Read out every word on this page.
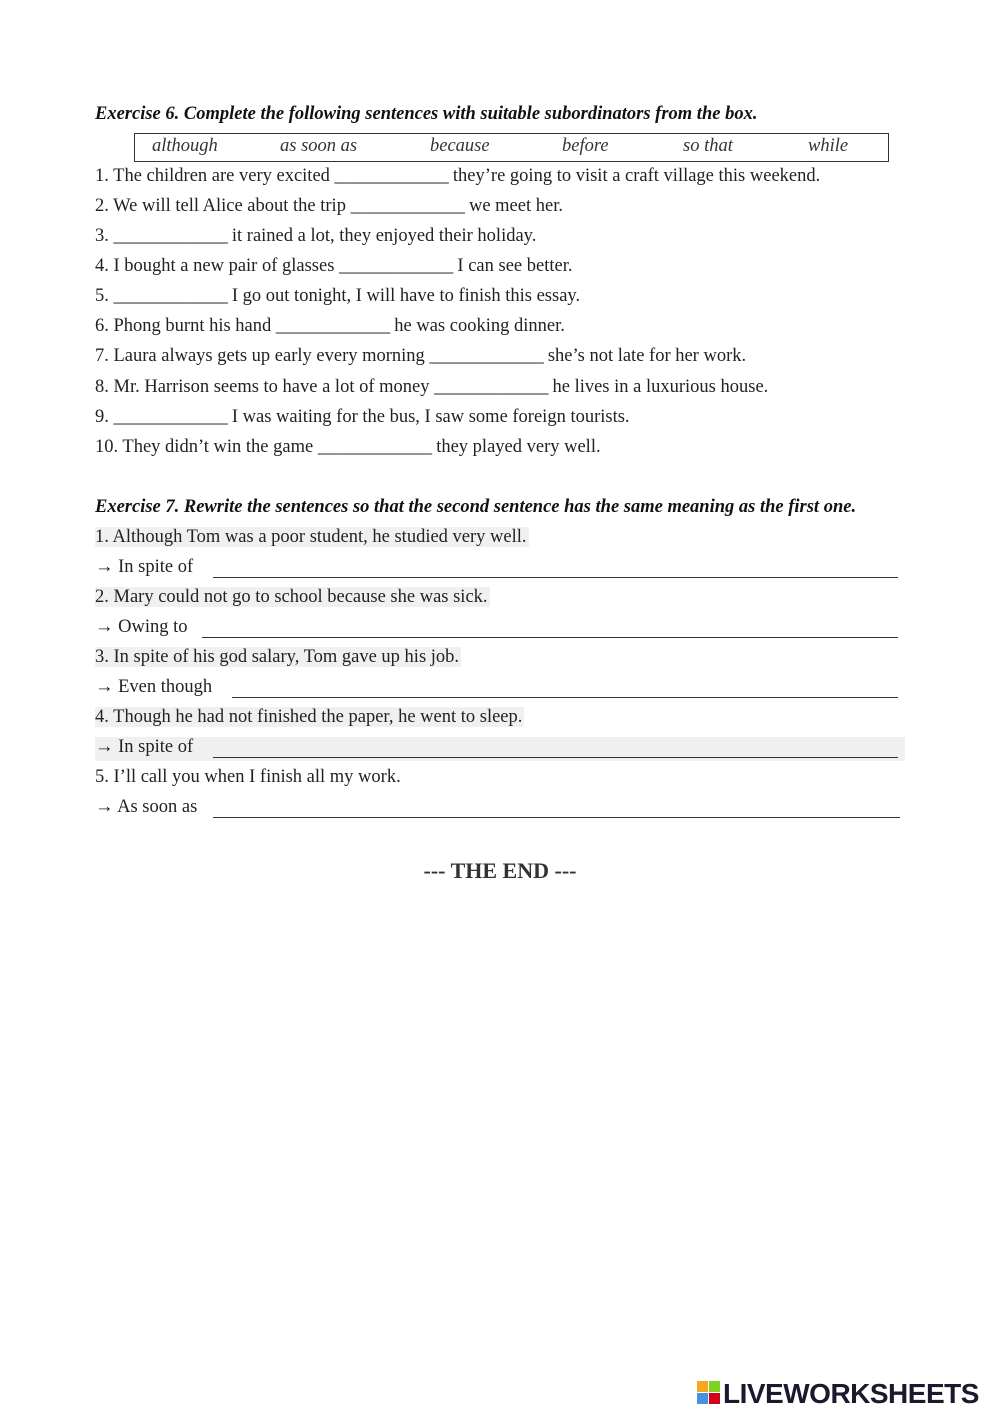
Exercise 6. Complete the following sentences with suitable subordinators from the box.
although	as soon as	because	before	so that	while
1. The children are very excited _____________ they’re going to visit a craft village this weekend.
2. We will tell Alice about the trip _____________ we meet her.
3. _____________ it rained a lot, they enjoyed their holiday.
4. I bought a new pair of glasses _____________ I can see better.
5. _____________ I go out tonight, I will have to finish this essay.
6. Phong burnt his hand _____________ he was cooking dinner.
7. Laura always gets up early every morning _____________ she’s not late for her work.
8. Mr. Harrison seems to have a lot of money _____________ he lives in a luxurious house.
9. _____________ I was waiting for the bus, I saw some foreign tourists.
10. They didn’t win the game _____________ they played very well.
Exercise 7. Rewrite the sentences so that the second sentence has the same meaning as the first one.
1. Although Tom was a poor student, he studied very well.
→ In spite of
2. Mary could not go to school because she was sick.
→ Owing to
3. In spite of his god salary, Tom gave up his job.
→ Even though
4. Though he had not finished the paper, he went to sleep.
→ In spite of
5. I’ll call you when I finish all my work.
→ As soon as
--- THE END ---
LIVEWORKSHEETS
